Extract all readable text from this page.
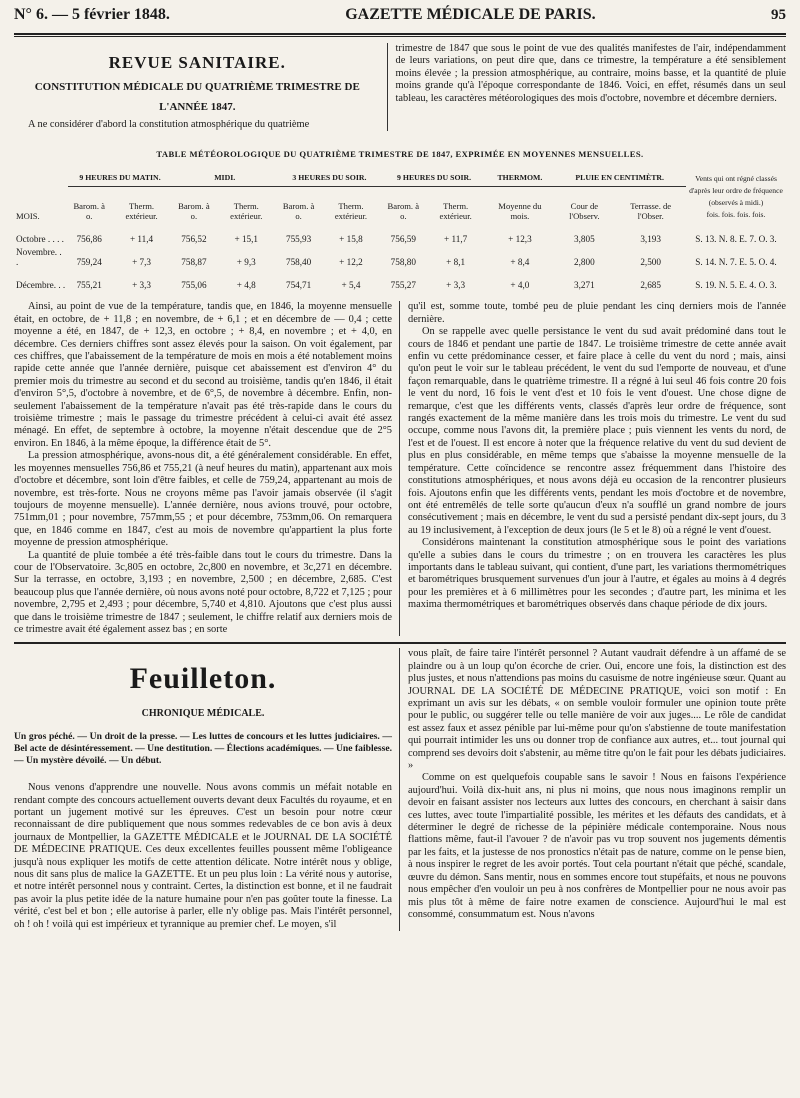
N° 6. — 5 février 1848.	GAZETTE MÉDICALE DE PARIS.	95
REVUE SANITAIRE.
CONSTITUTION MÉDICALE DU QUATRIÈME TRIMESTRE DE
L'ANNÉE 1847.

A ne considérer d'abord la constitution atmosphérique du quatrième

trimestre de 1847 que sous le point de vue des qualités manifestes de l'air, indépendamment de leurs variations, on peut dire que, dans ce trimestre, la température a été sensiblement moins élevée ; la pression atmosphérique, au contraire, moins basse, et la quantité de pluie moins grande qu'à l'époque correspondante de 1846. Voici, en effet, résumés dans un seul tableau, les caractères météorologiques des mois d'octobre, novembre et décembre derniers.

TABLE MÉTÉOROLOGIQUE DU QUATRIÈME TRIMESTRE DE 1847, EXPRIMÉE EN MOYENNES MENSUELLES.
	9 HEURES DU MATIN.		MIDI.		3 HEURES DU SOIR.		9 HEURES DU SOIR.		THERMOM.	PLUIE EN CENTIMÈTR.		Vents qui ont régné classés d'après leur ordre de fréquence (observés à midi.)
fois. fois. fois. fois.
MOIS.	Barom. à o.	Therm. extérieur.	Barom. à o.	Therm. extérieur.	Barom. à o.	Therm. extérieur.	Barom. à o.	Therm. extérieur.	Moyenne du mois.	Cour de l'Observ.	Terrasse. de l'Obser.	
Octobre . . . .	756,86	+ 11,4	756,52	+ 15,1	755,93	+ 15,8	756,59	+ 11,7	+ 12,3	3,805	3,193	S. 13. N. 8. E. 7. O. 3.
Novembre. . .	759,24	+ 7,3	758,87	+ 9,3	758,40	+ 12,2	758,80	+ 8,1	+ 8,4	2,800	2,500	S. 14. N. 7. E. 5. O. 4.
Décembre. . .	755,21	+ 3,3	755,06	+ 4,8	754,71	+ 5,4	755,27	+ 3,3	+ 4,0	3,271	2,685	S. 19. N. 5. E. 4. O. 3.

Ainsi, au point de vue de la température, tandis que, en 1846, la moyenne mensuelle était, en octobre, de + 11,8 ; en novembre, de + 6,1 ; et en décembre de — 0,4 ; cette moyenne a été, en 1847, de + 12,3, en octobre ; + 8,4, en novembre ; et + 4,0, en décembre. Ces derniers chiffres sont assez élevés pour la saison. On voit également, par ces chiffres, que l'abaissement de la température de mois en mois a été notablement moins rapide cette année que l'année dernière, puisque cet abaissement est d'environ 4° du premier mois du trimestre au second et du second au troisième, tandis qu'en 1846, il était d'environ 5°,5, d'octobre à novembre, et de 6°,5, de novembre à décembre. Enfin, non-seulement l'abaissement de la température n'avait pas été très-rapide dans le cours du troisième trimestre ; mais le passage du trimestre précédent à celui-ci avait été assez ménagé. En effet, de septembre à octobre, la moyenne n'était descendue que de 2°5 environ. En 1846, à la même époque, la différence était de 5°.

La pression atmosphérique, avons-nous dit, a été généralement considérable. En effet, les moyennes mensuelles 756,86 et 755,21 (à neuf heures du matin), appartenant aux mois d'octobre et décembre, sont loin d'être faibles, et celle de 759,24, appartenant au mois de novembre, est très-forte. Nous ne croyons même pas l'avoir jamais observée (il s'agit toujours de moyenne mensuelle). L'année dernière, nous avions trouvé, pour octobre, 751mm,01 ; pour novembre, 757mm,55 ; et pour décembre, 753mm,06. On remarquera que, en 1846 comme en 1847, c'est au mois de novembre qu'appartient la plus forte moyenne de pression atmosphérique.

La quantité de pluie tombée a été très-faible dans tout le cours du trimestre. Dans la cour de l'Observatoire. 3c,805 en octobre, 2c,800 en novembre, et 3c,271 en décembre. Sur la terrasse, en octobre, 3,193 ; en novembre, 2,500 ; en décembre, 2,685. C'est beaucoup plus que l'année dernière, où nous avons noté pour octobre, 8,722 et 7,125 ; pour novembre, 2,795 et 2,493 ; pour décembre, 5,740 et 4,810. Ajoutons que c'est plus aussi que dans le troisième trimestre de 1847 ; seulement, le chiffre relatif aux derniers mois de ce trimestre avait été également assez bas ; en sorte

qu'il est, somme toute, tombé peu de pluie pendant les cinq derniers mois de l'année dernière.

On se rappelle avec quelle persistance le vent du sud avait prédominé dans tout le cours de 1846 et pendant une partie de 1847. Le troisième trimestre de cette année avait enfin vu cette prédominance cesser, et faire place à celle du vent du nord ; mais, ainsi qu'on peut le voir sur le tableau précédent, le vent du sud l'emporte de nouveau, et d'une façon remarquable, dans le quatrième trimestre. Il a régné à lui seul 46 fois contre 20 fois le vent du nord, 16 fois le vent d'est et 10 fois le vent d'ouest. Une chose digne de remarque, c'est que les différents vents, classés d'après leur ordre de fréquence, sont rangés exactement de la même manière dans les trois mois du trimestre. Le vent du sud occupe, comme nous l'avons dit, la première place ; puis viennent les vents du nord, de l'est et de l'ouest. Il est encore à noter que la fréquence relative du vent du sud devient de plus en plus considérable, en même temps que s'abaisse la moyenne mensuelle de la température. Cette coïncidence se rencontre assez fréquemment dans l'histoire des constitutions atmosphériques, et nous avons déjà eu occasion de la rencontrer plusieurs fois. Ajoutons enfin que les différents vents, pendant les mois d'octobre et de novembre, ont été entremêlés de telle sorte qu'aucun d'eux n'a soufflé un grand nombre de jours consécutivement ; mais en décembre, le vent du sud a persisté pendant dix-sept jours, du 3 au 19 inclusivement, à l'exception de deux jours (le 5 et le 8) où a régné le vent d'ouest.

Considérons maintenant la constitution atmosphérique sous le point des variations qu'elle a subies dans le cours du trimestre ; on en trouvera les caractères les plus importants dans le tableau suivant, qui contient, d'une part, les variations thermométriques et barométriques brusquement survenues d'un jour à l'autre, et égales au moins à 4 degrés pour les premières et à 6 millimètres pour les secondes ; d'autre part, les minima et les maxima thermométriques et barométriques observés dans chaque période de dix jours.

Feuilleton.
CHRONIQUE MÉDICALE.

Un gros péché. — Un droit de la presse. — Les luttes de concours et les luttes judiciaires. — Bel acte de désintéressement. — Une destitution. — Élections académiques. — Une faiblesse. — Un mystère dévoilé. — Un début.

Nous venons d'apprendre une nouvelle. Nous avons commis un méfait notable en rendant compte des concours actuellement ouverts devant deux Facultés du royaume, et en portant un jugement motivé sur les épreuves. C'est un besoin pour notre cœur reconnaissant de dire publiquement que nous sommes redevables de ce bon avis à deux journaux de Montpellier, la GAZETTE MÉDICALE et le JOURNAL DE LA SOCIÉTÉ DE MÉDECINE PRATIQUE. Ces deux excellentes feuilles poussent même l'obligeance jusqu'à nous expliquer les motifs de cette attention délicate. Notre intérêt nous y oblige, nous dit sans plus de malice la GAZETTE. Et un peu plus loin : La vérité nous y autorise, et notre intérêt personnel nous y contraint. Certes, la distinction est bonne, et il ne faudrait pas avoir la plus petite idée de la nature humaine pour n'en pas goûter toute la finesse. La vérité, c'est bel et bon ; elle autorise à parler, elle n'y oblige pas. Mais l'intérêt personnel, oh ! oh ! voilà qui est impérieux et tyrannique au premier chef. Le moyen, s'il

vous plaît, de faire taire l'intérêt personnel ? Autant vaudrait défendre à un affamé de se plaindre ou à un loup qu'on écorche de crier. Oui, encore une fois, la distinction est des plus justes, et nous n'attendions pas moins du casuisme de notre ingénieuse sœur. Quant au JOURNAL DE LA SOCIÉTÉ DE MÉDECINE PRATIQUE, voici son motif : En exprimant un avis sur les débats, « on semble vouloir formuler une opinion toute prête pour le public, ou suggérer telle ou telle manière de voir aux juges.... Le rôle de candidat est assez faux et assez pénible par lui-même pour qu'on s'abstienne de toute manifestation qui pourrait intimider les uns ou donner trop de confiance aux autres, et... tout journal qui comprend ses devoirs doit s'abstenir, au même titre qu'on le fait pour les débats judiciaires. »

Comme on est quelquefois coupable sans le savoir ! Nous en faisons l'expérience aujourd'hui. Voilà dix-huit ans, ni plus ni moins, que nous nous imaginons remplir un devoir en faisant assister nos lecteurs aux luttes des concours, en cherchant à saisir dans ces luttes, avec toute l'impartialité possible, les mérites et les défauts des candidats, et à déterminer le degré de richesse de la pépinière médicale contemporaine. Nous nous flattions même, faut-il l'avouer ? de n'avoir pas vu trop souvent nos jugements démentis par les faits, et la justesse de nos pronostics n'était pas de nature, comme on le pense bien, à nous inspirer le regret de les avoir portés. Tout cela pourtant n'était que péché, scandale, œuvre du démon. Sans mentir, nous en sommes encore tout stupéfaits, et nous ne pouvons nous empêcher d'en vouloir un peu à nos confrères de Montpellier pour ne nous avoir pas mis plus tôt à même de faire notre examen de conscience. Aujourd'hui le mal est consommé, consummatum est. Nous n'avons
